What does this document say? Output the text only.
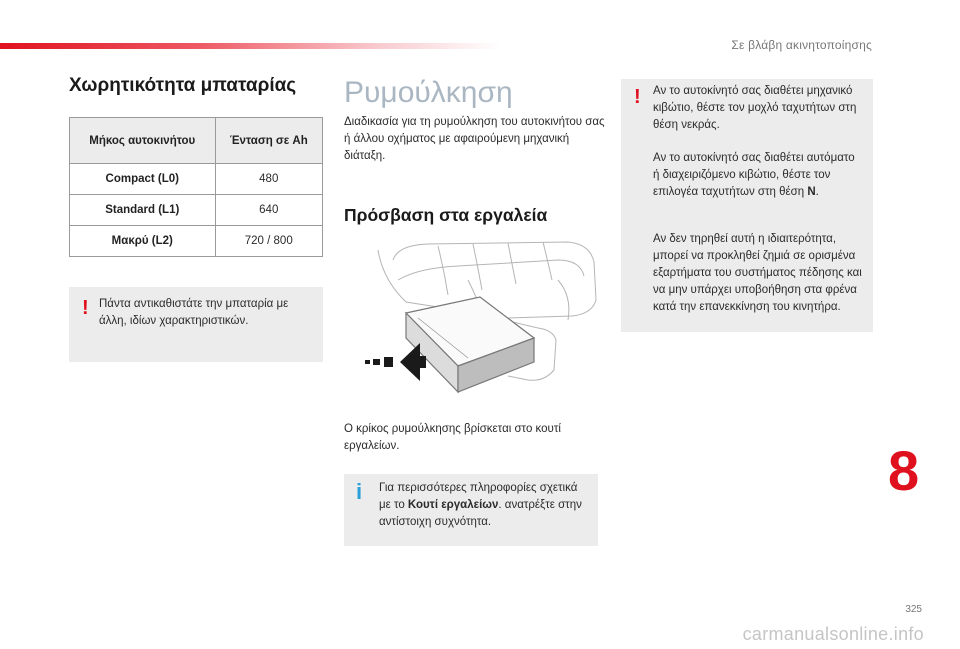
Σε βλάβη ακινητοποίησης
Χωρητικότητα μπαταρίας
Μήκος αυτοκινήτου	Ένταση σε Ah
Compact (L0)	480
Standard (L1)	640
Μακρύ (L2)	720 / 800
! Πάντα αντικαθιστάτε την μπαταρία με άλλη, ιδίων χαρακτηριστικών.

Ρυμούλκηση

Διαδικασία για τη ρυμούλκηση του αυτοκινήτου σας ή άλλου οχήματος με αφαιρούμενη μηχανική διάταξη.

Πρόσβαση στα εργαλεία

Ο κρίκος ρυμούλκησης βρίσκεται στο κουτί εργαλείων.

i Για περισσότερες πληροφορίες σχετικά με το Κουτί εργαλείων. ανατρέξτε στην αντίστοιχη συχνότητα.

! Αν το αυτοκίνητό σας διαθέτει μηχανικό κιβώτιο, θέστε τον μοχλό ταχυτήτων στη θέση νεκράς.

Αν το αυτοκίνητό σας διαθέτει αυτόματο ή διαχειριζόμενο κιβώτιο, θέστε τον επιλογέα ταχυτήτων στη θέση N.

Αν δεν τηρηθεί αυτή η ιδιαιτερότητα, μπορεί να προκληθεί ζημιά σε ορισμένα εξαρτήματα του συστήματος πέδησης και να μην υπάρχει υποβοήθηση στα φρένα κατά την επανεκκίνηση του κινητήρα.

8
325
carmanualsonline.info
